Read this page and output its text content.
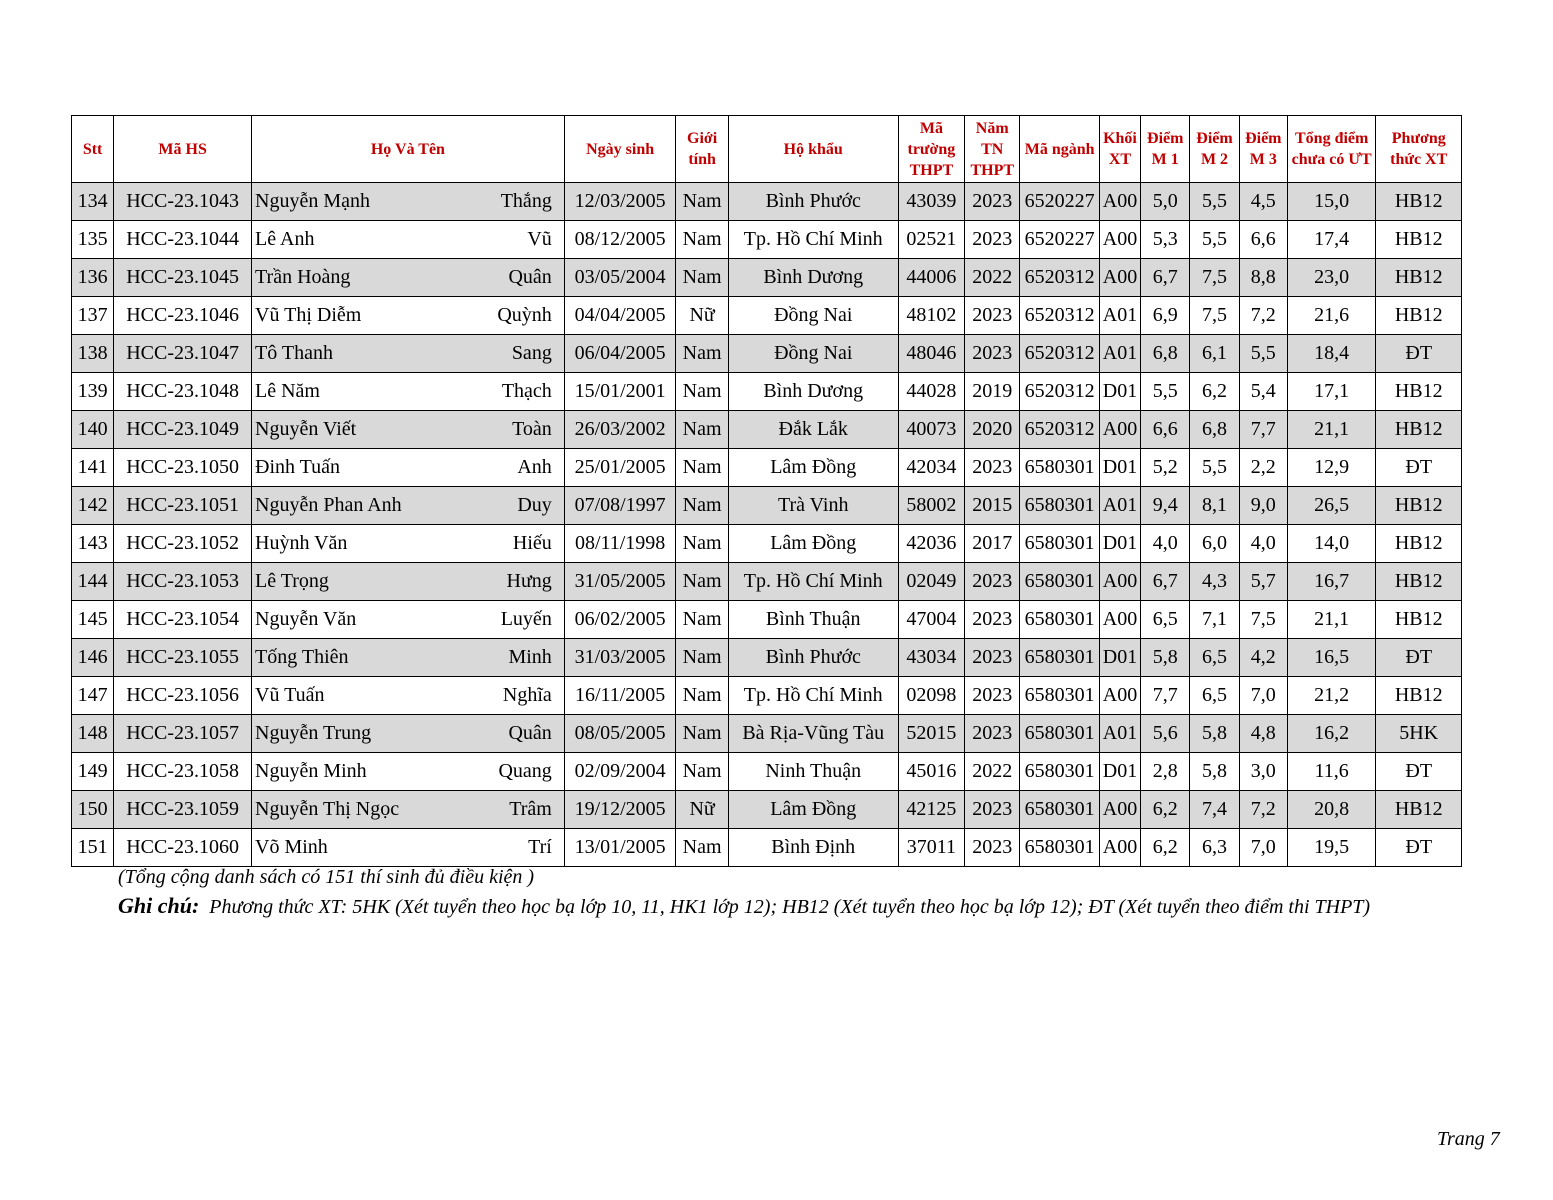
Stt	Mã HS	Họ Và Tên	Ngày sinh	Giới tính	Hộ khẩu	Mã trường THPT	Năm TN THPT	Mã ngành	Khối XT	Điểm M 1	Điểm M 2	Điểm M 3	Tổng điểm chưa có ƯT	Phương thức XT
134	HCC-23.1043	Nguyễn Mạnh Thắng	12/03/2005	Nam	Bình Phước	43039	2023	6520227	A00	5,0	5,5	4,5	15,0	HB12
135	HCC-23.1044	Lê Anh Vũ	08/12/2005	Nam	Tp. Hồ Chí Minh	02521	2023	6520227	A00	5,3	5,5	6,6	17,4	HB12
136	HCC-23.1045	Trần Hoàng Quân	03/05/2004	Nam	Bình Dương	44006	2022	6520312	A00	6,7	7,5	8,8	23,0	HB12
137	HCC-23.1046	Vũ Thị Diễm Quỳnh	04/04/2005	Nữ	Đồng Nai	48102	2023	6520312	A01	6,9	7,5	7,2	21,6	HB12
138	HCC-23.1047	Tô Thanh Sang	06/04/2005	Nam	Đồng Nai	48046	2023	6520312	A01	6,8	6,1	5,5	18,4	ĐT
139	HCC-23.1048	Lê Năm Thạch	15/01/2001	Nam	Bình Dương	44028	2019	6520312	D01	5,5	6,2	5,4	17,1	HB12
140	HCC-23.1049	Nguyễn Viết Toàn	26/03/2002	Nam	Đắk Lắk	40073	2020	6520312	A00	6,6	6,8	7,7	21,1	HB12
141	HCC-23.1050	Đinh Tuấn Anh	25/01/2005	Nam	Lâm Đồng	42034	2023	6580301	D01	5,2	5,5	2,2	12,9	ĐT
142	HCC-23.1051	Nguyễn Phan Anh Duy	07/08/1997	Nam	Trà Vinh	58002	2015	6580301	A01	9,4	8,1	9,0	26,5	HB12
143	HCC-23.1052	Huỳnh Văn Hiếu	08/11/1998	Nam	Lâm Đồng	42036	2017	6580301	D01	4,0	6,0	4,0	14,0	HB12
144	HCC-23.1053	Lê Trọng Hưng	31/05/2005	Nam	Tp. Hồ Chí Minh	02049	2023	6580301	A00	6,7	4,3	5,7	16,7	HB12
145	HCC-23.1054	Nguyễn Văn Luyến	06/02/2005	Nam	Bình Thuận	47004	2023	6580301	A00	6,5	7,1	7,5	21,1	HB12
146	HCC-23.1055	Tống Thiên Minh	31/03/2005	Nam	Bình Phước	43034	2023	6580301	D01	5,8	6,5	4,2	16,5	ĐT
147	HCC-23.1056	Vũ Tuấn Nghĩa	16/11/2005	Nam	Tp. Hồ Chí Minh	02098	2023	6580301	A00	7,7	6,5	7,0	21,2	HB12
148	HCC-23.1057	Nguyễn Trung Quân	08/05/2005	Nam	Bà Rịa-Vũng Tàu	52015	2023	6580301	A01	5,6	5,8	4,8	16,2	5HK
149	HCC-23.1058	Nguyễn Minh Quang	02/09/2004	Nam	Ninh Thuận	45016	2022	6580301	D01	2,8	5,8	3,0	11,6	ĐT
150	HCC-23.1059	Nguyễn Thị Ngọc Trâm	19/12/2005	Nữ	Lâm Đồng	42125	2023	6580301	A00	6,2	7,4	7,2	20,8	HB12
151	HCC-23.1060	Võ Minh Trí	13/01/2005	Nam	Bình Định	37011	2023	6580301	A00	6,2	6,3	7,0	19,5	ĐT
(Tổng cộng danh sách có 151 thí sinh đủ điều kiện )
Ghi chú: Phương thức XT: 5HK (Xét tuyển theo học bạ lớp 10, 11, HK1 lớp 12); HB12 (Xét tuyển theo học bạ lớp 12); ĐT (Xét tuyển theo điểm thi THPT)
Trang 7
